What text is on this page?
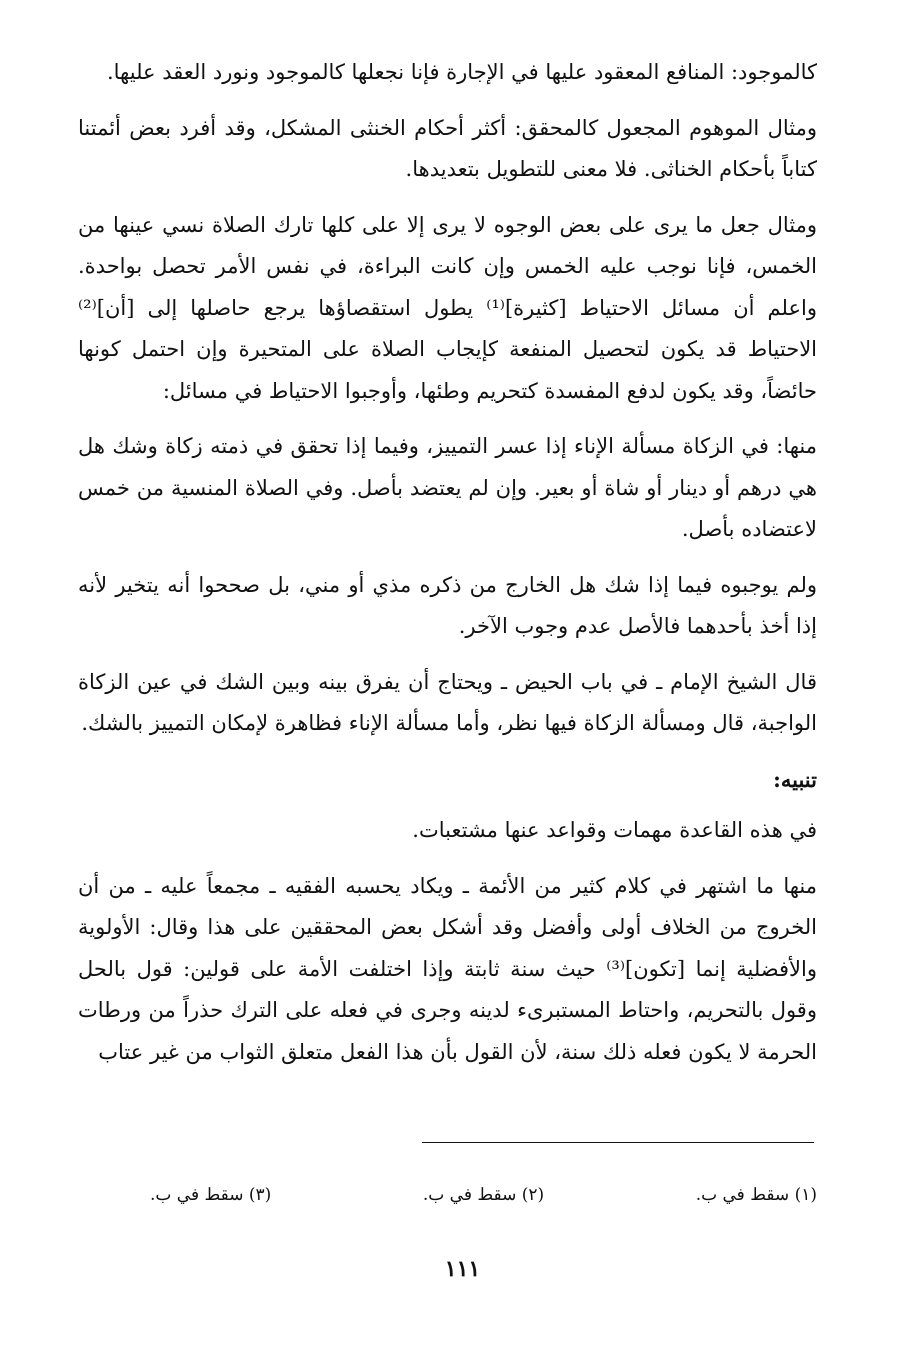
كالموجود: المنافع المعقود عليها في الإجارة فإنا نجعلها كالموجود ونورد العقد عليها.

ومثال الموهوم المجعول كالمحقق: أكثر أحكام الخنثى المشكل، وقد أفرد بعض أئمتنا كتاباً بأحكام الخناثى. فلا معنى للتطويل بتعديدها.

ومثال جعل ما يرى على بعض الوجوه لا يرى إلا على كلها تارك الصلاة نسي عينها من الخمس، فإنا نوجب عليه الخمس وإن كانت البراءة، في نفس الأمر تحصل بواحدة. واعلم أن مسائل الاحتياط [كثيرة]⁽¹⁾ يطول استقصاؤها يرجع حاصلها إلى [أن]⁽²⁾ الاحتياط قد يكون لتحصيل المنفعة كإيجاب الصلاة على المتحيرة وإن احتمل كونها حائضاً، وقد يكون لدفع المفسدة كتحريم وطئها، وأوجبوا الاحتياط في مسائل:

منها: في الزكاة مسألة الإناء إذا عسر التمييز، وفيما إذا تحقق في ذمته زكاة وشك هل هي درهم أو دينار أو شاة أو بعير. وإن لم يعتضد بأصل. وفي الصلاة المنسية من خمس لاعتضاده بأصل.

ولم يوجبوه فيما إذا شك هل الخارج من ذكره مذي أو مني، بل صححوا أنه يتخير لأنه إذا أخذ بأحدهما فالأصل عدم وجوب الآخر.

قال الشيخ الإمام ـ في باب الحيض ـ ويحتاج أن يفرق بينه وبين الشك في عين الزكاة الواجبة، قال ومسألة الزكاة فيها نظر، وأما مسألة الإناء فظاهرة لإمكان التمييز بالشك.

تنبيه:

في هذه القاعدة مهمات وقواعد عنها مشتعبات.

منها ما اشتهر في كلام كثير من الأئمة ـ ويكاد يحسبه الفقيه ـ مجمعاً عليه ـ من أن الخروج من الخلاف أولى وأفضل وقد أشكل بعض المحققين على هذا وقال: الأولوية والأفضلية إنما [تكون]⁽³⁾ حيث سنة ثابتة وإذا اختلفت الأمة على قولين: قول بالحل وقول بالتحريم، واحتاط المستبرىء لدينه وجرى في فعله على الترك حذراً من ورطات الحرمة لا يكون فعله ذلك سنة، لأن القول بأن هذا الفعل متعلق الثواب من غير عتاب

(١) سقط في ب.
(٢) سقط في ب.
(٣) سقط في ب.
١١١
